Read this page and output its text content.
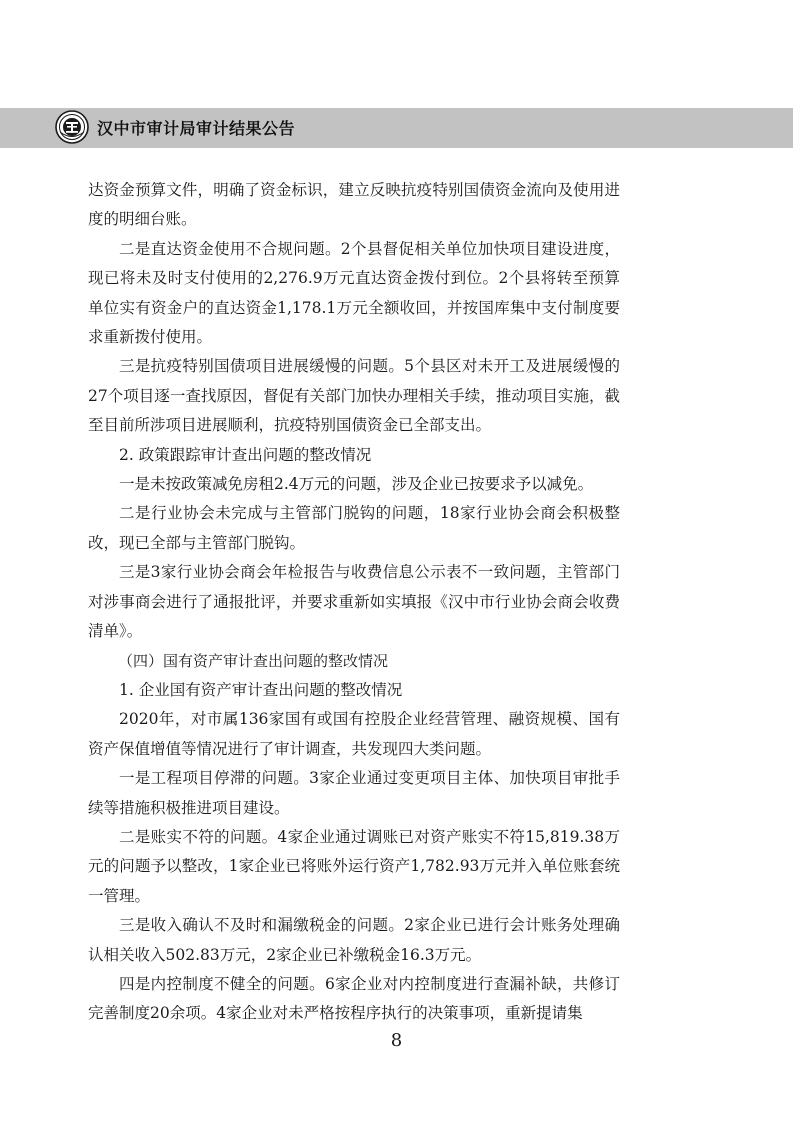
汉中市审计局审计结果公告

达资金预算文件，明确了资金标识，建立反映抗疫特别国债资金流向及使用进度的明细台账。

二是直达资金使用不合规问题。2个县督促相关单位加快项目建设进度，现已将未及时支付使用的2,276.9万元直达资金拨付到位。2个县将转至预算单位实有资金户的直达资金1,178.1万元全额收回，并按国库集中支付制度要求重新拨付使用。

三是抗疫特别国债项目进展缓慢的问题。5个县区对未开工及进展缓慢的27个项目逐一查找原因，督促有关部门加快办理相关手续，推动项目实施，截至目前所涉项目进展顺利，抗疫特别国债资金已全部支出。

2. 政策跟踪审计查出问题的整改情况

一是未按政策减免房租2.4万元的问题，涉及企业已按要求予以减免。

二是行业协会未完成与主管部门脱钩的问题，18家行业协会商会积极整改，现已全部与主管部门脱钩。

三是3家行业协会商会年检报告与收费信息公示表不一致问题，主管部门对涉事商会进行了通报批评，并要求重新如实填报《汉中市行业协会商会收费清单》。

（四）国有资产审计查出问题的整改情况

1. 企业国有资产审计查出问题的整改情况

2020年，对市属136家国有或国有控股企业经营管理、融资规模、国有资产保值增值等情况进行了审计调查，共发现四大类问题。

一是工程项目停滞的问题。3家企业通过变更项目主体、加快项目审批手续等措施积极推进项目建设。

二是账实不符的问题。4家企业通过调账已对资产账实不符15,819.38万元的问题予以整改，1家企业已将账外运行资产1,782.93万元并入单位账套统一管理。

三是收入确认不及时和漏缴税金的问题。2家企业已进行会计账务处理确认相关收入502.83万元，2家企业已补缴税金16.3万元。

四是内控制度不健全的问题。6家企业对内控制度进行查漏补缺，共修订完善制度20余项。4家企业对未严格按程序执行的决策事项，重新提请集

8
